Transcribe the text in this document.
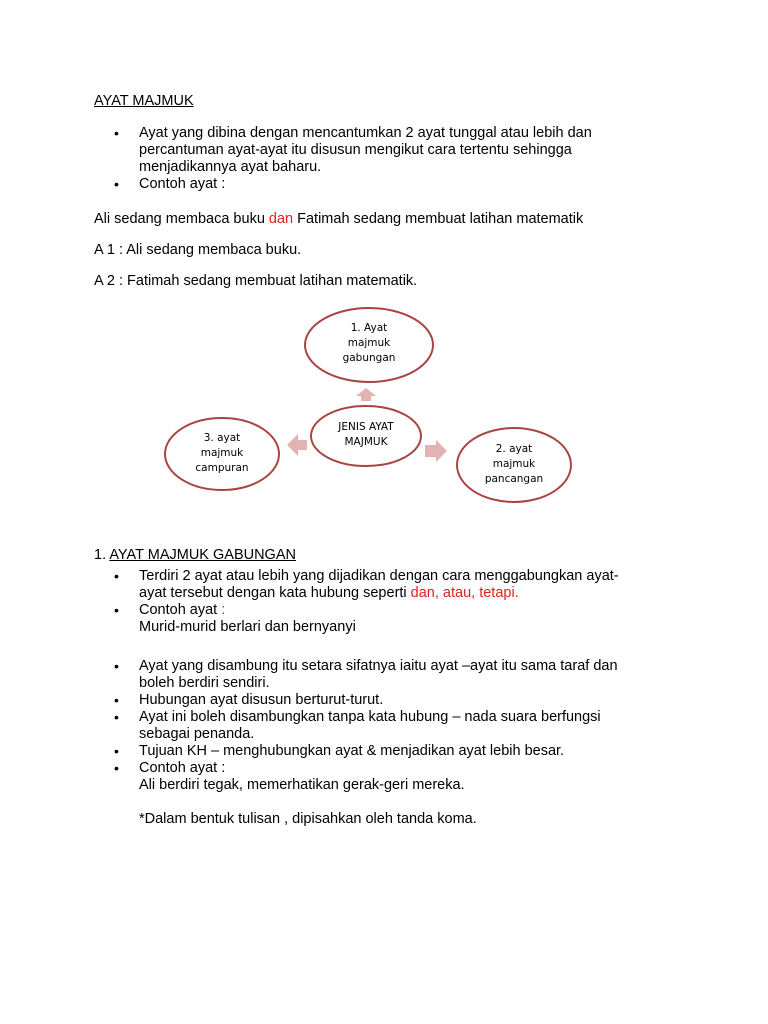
AYAT MAJMUK
• Ayat yang dibina dengan mencantumkan 2 ayat tunggal atau lebih dan
percantuman ayat-ayat itu disusun mengikut cara tertentu sehingga
menjadikannya ayat baharu.
• Contoh ayat :
Ali sedang membaca buku dan Fatimah sedang membuat latihan matematik
A 1 : Ali sedang membaca buku.
A 2 : Fatimah sedang membuat latihan matematik.
1. Ayat
majmuk
gabungan
JENIS AYAT
MAJMUK
3. ayat
majmuk
campuran
2. ayat
majmuk
pancangan
1. AYAT MAJMUK GABUNGAN
• Terdiri 2 ayat atau lebih yang dijadikan dengan cara menggabungkan ayat-
ayat tersebut dengan kata hubung seperti dan, atau, tetapi.
• Contoh ayat :
Murid-murid berlari dan bernyanyi
• Ayat yang disambung itu setara sifatnya iaitu ayat –ayat itu sama taraf dan
boleh berdiri sendiri.
• Hubungan ayat disusun berturut-turut.
• Ayat ini boleh disambungkan tanpa kata hubung – nada suara berfungsi
sebagai penanda.
• Tujuan KH – menghubungkan ayat & menjadikan ayat lebih besar.
• Contoh ayat :
Ali berdiri tegak, memerhatikan gerak-geri mereka.
*Dalam bentuk tulisan , dipisahkan oleh tanda koma.
